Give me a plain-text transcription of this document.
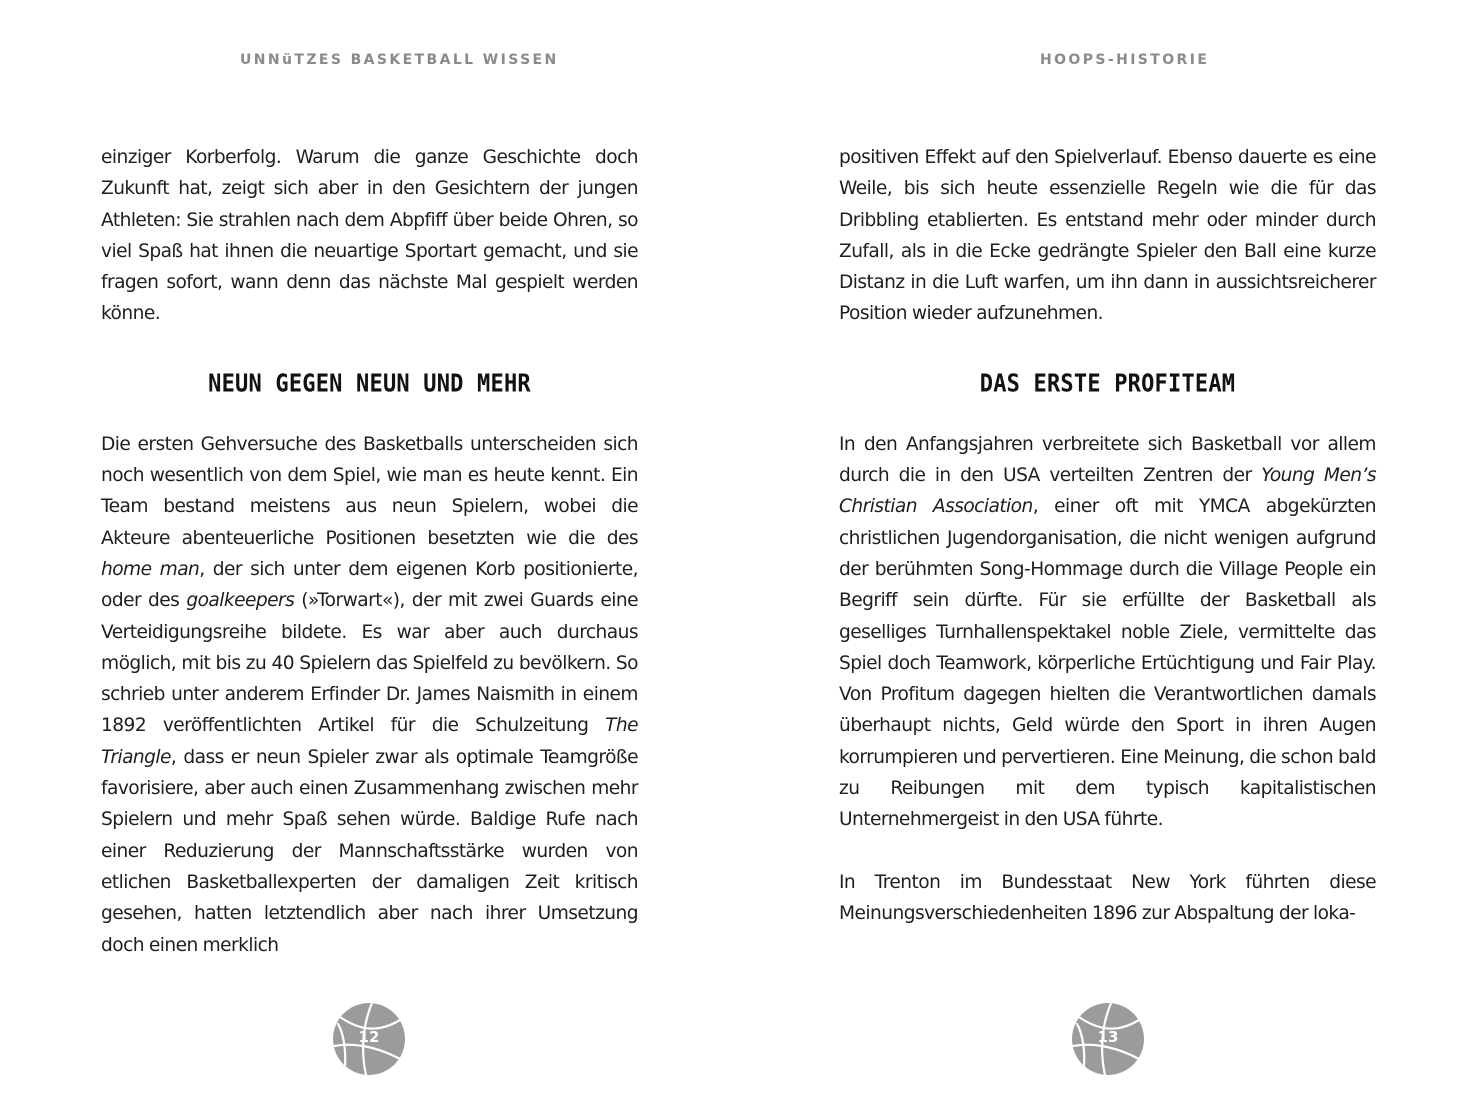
UNNüTZES BASKETBALL WISSEN

einziger Korberfolg. Warum die ganze Geschichte doch Zukunft hat, zeigt sich aber in den Gesichtern der jungen Athleten: Sie strahlen nach dem Abpfiff über beide Ohren, so viel Spaß hat ihnen die neuartige Sportart gemacht, und sie fragen sofort, wann denn das nächste Mal gespielt werden könne.

NEUN GEGEN NEUN UND MEHR

Die ersten Gehversuche des Basketballs unterscheiden sich noch wesentlich von dem Spiel, wie man es heute kennt. Ein Team bestand meistens aus neun Spielern, wobei die Akteure abenteuerliche Positionen besetzten wie die des home man, der sich unter dem eigenen Korb positionierte, oder des goalkeepers (»Torwart«), der mit zwei Guards eine Verteidigungsreihe bildete. Es war aber auch durchaus möglich, mit bis zu 40 Spielern das Spielfeld zu bevölkern. So schrieb unter anderem Erfinder Dr. James Naismith in einem 1892 veröffentlichten Artikel für die Schulzeitung The Triangle, dass er neun Spieler zwar als optimale Teamgröße favorisiere, aber auch einen Zusammenhang zwischen mehr Spielern und mehr Spaß sehen würde. Baldige Rufe nach einer Reduzierung der Mannschaftsstärke wurden von etlichen Basketballexperten der damaligen Zeit kritisch gesehen, hatten letztendlich aber nach ihrer Umsetzung doch einen merklich

12
HOOPS-HISTORIE

positiven Effekt auf den Spielverlauf. Ebenso dauerte es eine Weile, bis sich heute essenzielle Regeln wie die für das Dribbling etablierten. Es entstand mehr oder minder durch Zufall, als in die Ecke gedrängte Spieler den Ball eine kurze Distanz in die Luft warfen, um ihn dann in aussichtsreicherer Position wieder aufzunehmen.

DAS ERSTE PROFITEAM

In den Anfangsjahren verbreitete sich Basketball vor allem durch die in den USA verteilten Zentren der Young Men’s Christian Association, einer oft mit YMCA abgekürzten christlichen Jugendorganisation, die nicht wenigen aufgrund der berühmten Song-Hommage durch die Village People ein Begriff sein dürfte. Für sie erfüllte der Basketball als geselliges Turnhallenspektakel noble Ziele, vermittelte das Spiel doch Teamwork, körperliche Ertüchtigung und Fair Play. Von Profitum dagegen hielten die Verantwortlichen damals überhaupt nichts, Geld würde den Sport in ihren Augen korrumpieren und pervertieren. Eine Meinung, die schon bald zu Reibungen mit dem typisch kapitalistischen Unternehmergeist in den USA führte.

In Trenton im Bundesstaat New York führten diese Meinungsverschiedenheiten 1896 zur Abspaltung der loka-

13
